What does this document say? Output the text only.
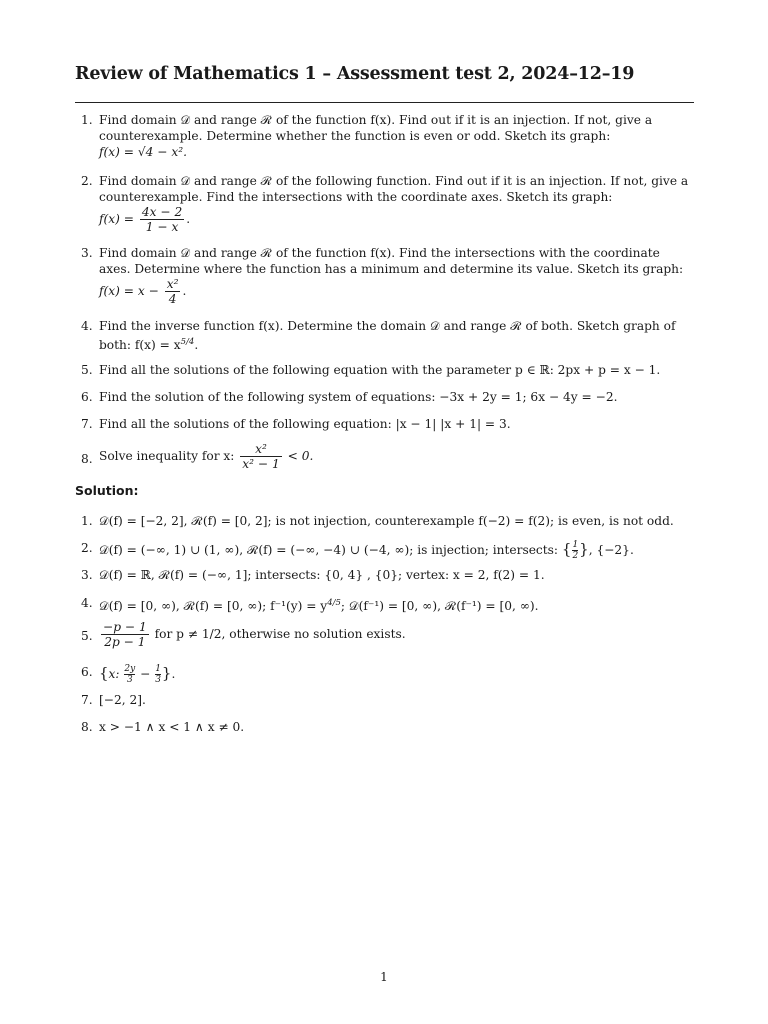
Review of Mathematics 1 – Assessment test 2, 2024–12–19
1. Find domain 𝒟 and range ℛ of the function f(x). Find out if it is an injection. If not, give a counterexample. Determine whether the function is even or odd. Sketch its graph:
f(x) = √4 − x².
2. Find domain 𝒟 and range ℛ of the following function. Find out if it is an injection. If not, give a counterexample. Find the intersections with the coordinate axes. Sketch its graph:
$f(x) = \frac{4x - 2}{1 - x}$ .
3. Find domain 𝒟 and range ℛ of the function f(x). Find the intersections with the coordinate axes. Determine where the function has a minimum and determine its value. Sketch its graph:
$f(x) = x - \frac{\text{x²}}{4}$ .
4. Find the inverse function f(x). Determine the domain 𝒟 and range ℛ of both. Sketch graph of both: $f(x) = x^{5/4}$.
5. Find all the solutions of the following equation with the parameter p ∈ ℝ: 2px + p = x − 1.
6. Find the solution of the following system of equations: −3x + 2y = 1; 6x − 4y = −2.
7. Find all the solutions of the following equation: |x − 1| |x + 1| = 3.
8. Solve inequality for x: $\frac{\text{x²}}{\text{x² − 1}} < 0$.
Solution:
1. 𝒟(f) = [−2, 2], ℛ(f) = [0, 2]; is not injection, counterexample f(−2) = f(2); is even, is not odd.
2. 𝒟(f) = (−∞, 1) ∪ (1, ∞), ℛ(f) = (−∞, −4) ∪ (−4, ∞); is injection; intersects: { $\frac{1}{2}$ }, {−2}.
3. 𝒟(f) = ℝ, ℛ(f) = (−∞, 1]; intersects: {0, 4} , {0}; vertex: x = 2, f(2) = 1.
4. 𝒟(f) = [0, ∞), ℛ(f) = [0, ∞); $f^{-1}(y) = y^{4/5}$; 𝒟(f⁻¹) = [0, ∞), ℛ(f⁻¹) = [0, ∞).
5. $\frac{-p - 1}{2p - 1}$ for p ≠ 1/2, otherwise no solution exists.
6. {x: $\frac{2y}{3} - \frac{1}{3}$ }.
7. [−2, 2].
8. x > −1 ∧ x < 1 ∧ x ≠ 0.
1
